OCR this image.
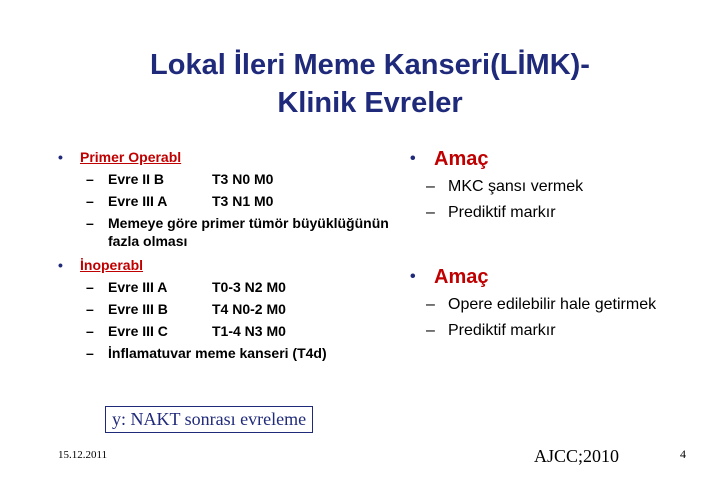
Lokal İleri Meme Kanseri(LİMK)-
Klinik Evreler
• Primer Operabl
– Evre II B	T3 N0 M0
– Evre III A	T3 N1 M0
– Memeye göre primer tümör büyüklüğünün fazla olması
• İnoperabl
– Evre III A	T0-3 N2 M0
– Evre III B	T4 N0-2 M0
– Evre III C	T1-4 N3 M0
– İnflamatuvar meme kanseri (T4d)
• Amaç
– MKC şansı vermek
– Prediktif markır
• Amaç
– Opere edilebilir hale getirmek
– Prediktif markır
y: NAKT sonrası evreleme
15.12.2011	AJCC;2010	4
